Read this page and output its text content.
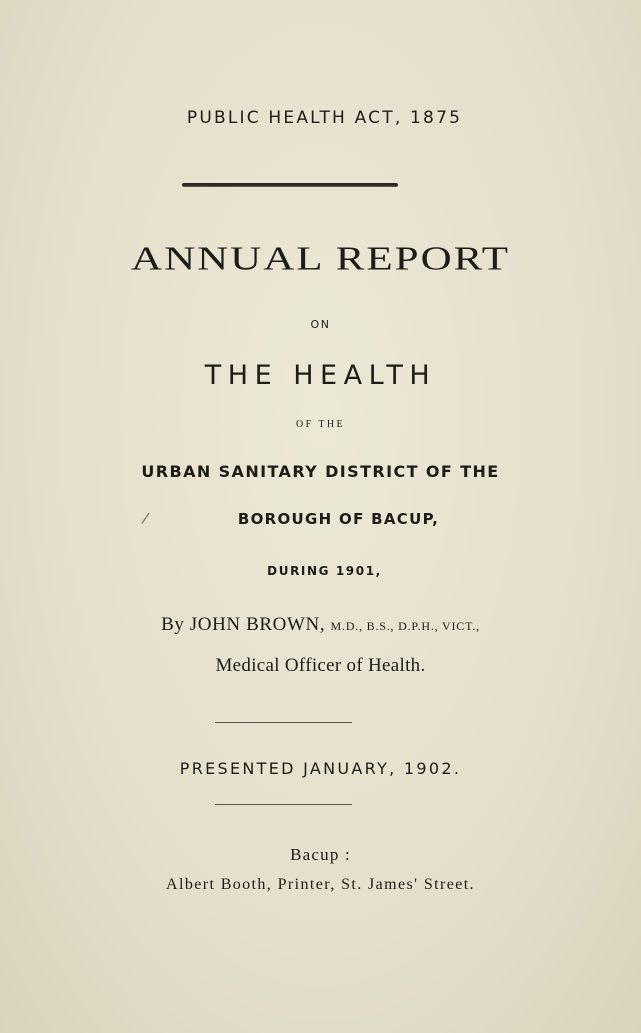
PUBLIC HEALTH ACT, 1875
ANNUAL REPORT
ON
THE HEALTH
OF THE
URBAN SANITARY DISTRICT OF THE
BOROUGH OF BACUP,
DURING 1901,
By JOHN BROWN, M.D., B.S., D.P.H., VICT.,
Medical Officer of Health.
PRESENTED JANUARY, 1902.
Bacup :
Albert Booth, Printer, St. James' Street.
/
